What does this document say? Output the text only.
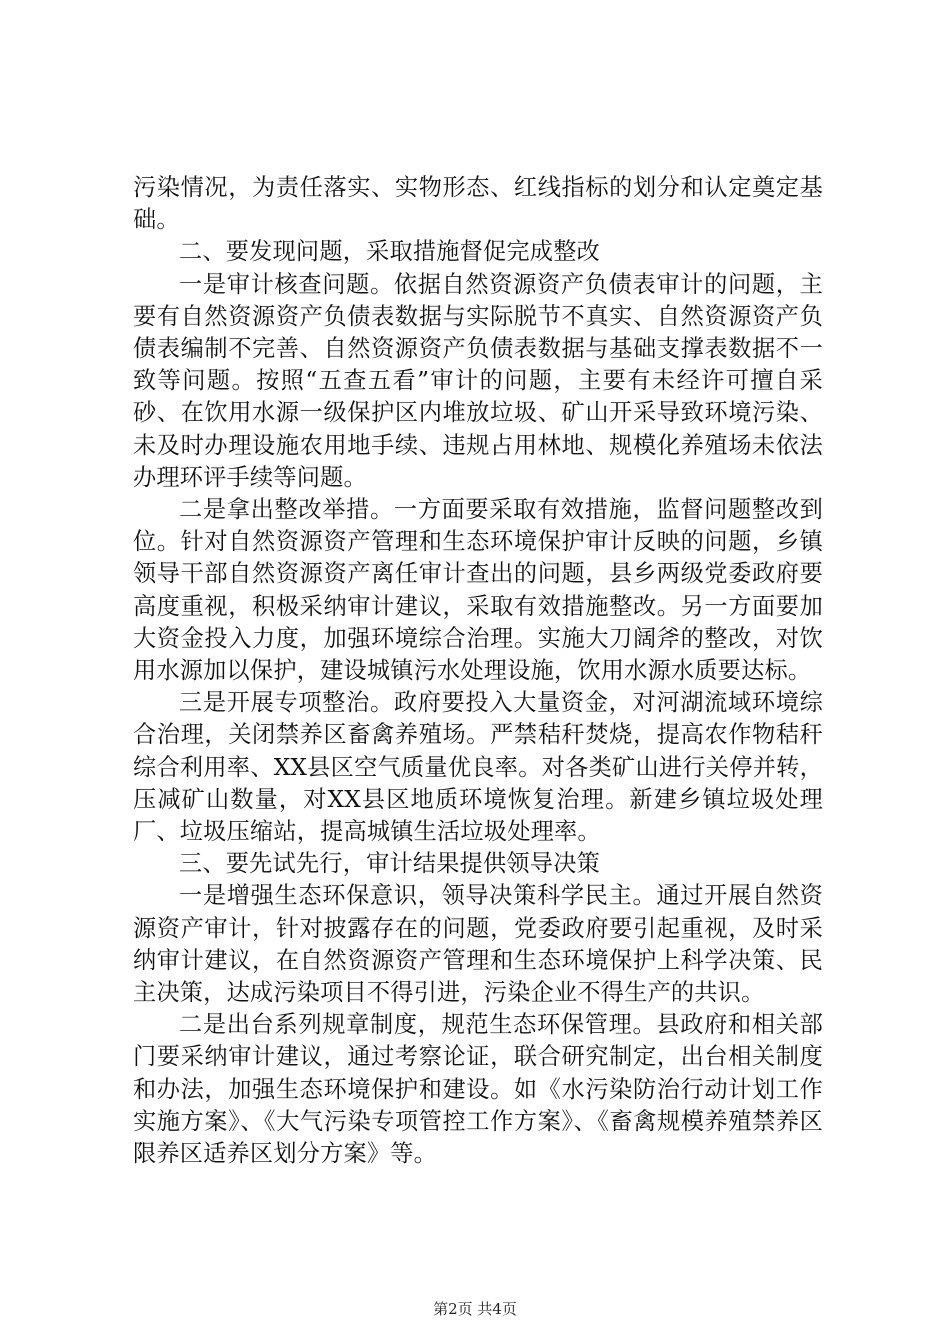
污染情况，为责任落实、实物形态、红线指标的划分和认定奠定基础。

二、要发现问题，采取措施督促完成整改

一是审计核查问题。依据自然资源资产负债表审计的问题，主要有自然资源资产负债表数据与实际脱节不真实、自然资源资产负债表编制不完善、自然资源资产负债表数据与基础支撑表数据不一致等问题。按照“五查五看”审计的问题，主要有未经许可擅自采砂、在饮用水源一级保护区内堆放垃圾、矿山开采导致环境污染、未及时办理设施农用地手续、违规占用林地、规模化养殖场未依法办理环评手续等问题。

二是拿出整改举措。一方面要采取有效措施，监督问题整改到位。针对自然资源资产管理和生态环境保护审计反映的问题，乡镇领导干部自然资源资产离任审计查出的问题，县乡两级党委政府要高度重视，积极采纳审计建议，采取有效措施整改。另一方面要加大资金投入力度，加强环境综合治理。实施大刀阔斧的整改，对饮用水源加以保护，建设城镇污水处理设施，饮用水源水质要达标。

三是开展专项整治。政府要投入大量资金，对河湖流域环境综合治理，关闭禁养区畜禽养殖场。严禁秸秆焚烧，提高农作物秸秆综合利用率、XX县区空气质量优良率。对各类矿山进行关停并转，压减矿山数量，对XX县区地质环境恢复治理。新建乡镇垃圾处理厂、垃圾压缩站，提高城镇生活垃圾处理率。

三、要先试先行，审计结果提供领导决策

一是增强生态环保意识，领导决策科学民主。通过开展自然资源资产审计，针对披露存在的问题，党委政府要引起重视，及时采纳审计建议，在自然资源资产管理和生态环境保护上科学决策、民主决策，达成污染项目不得引进，污染企业不得生产的共识。

二是出台系列规章制度，规范生态环保管理。县政府和相关部门要采纳审计建议，通过考察论证，联合研究制定，出台相关制度和办法，加强生态环境保护和建设。如《水污染防治行动计划工作实施方案》、《大气污染专项管控工作方案》、《畜禽规模养殖禁养区限养区适养区划分方案》等。

第2页 共4页
